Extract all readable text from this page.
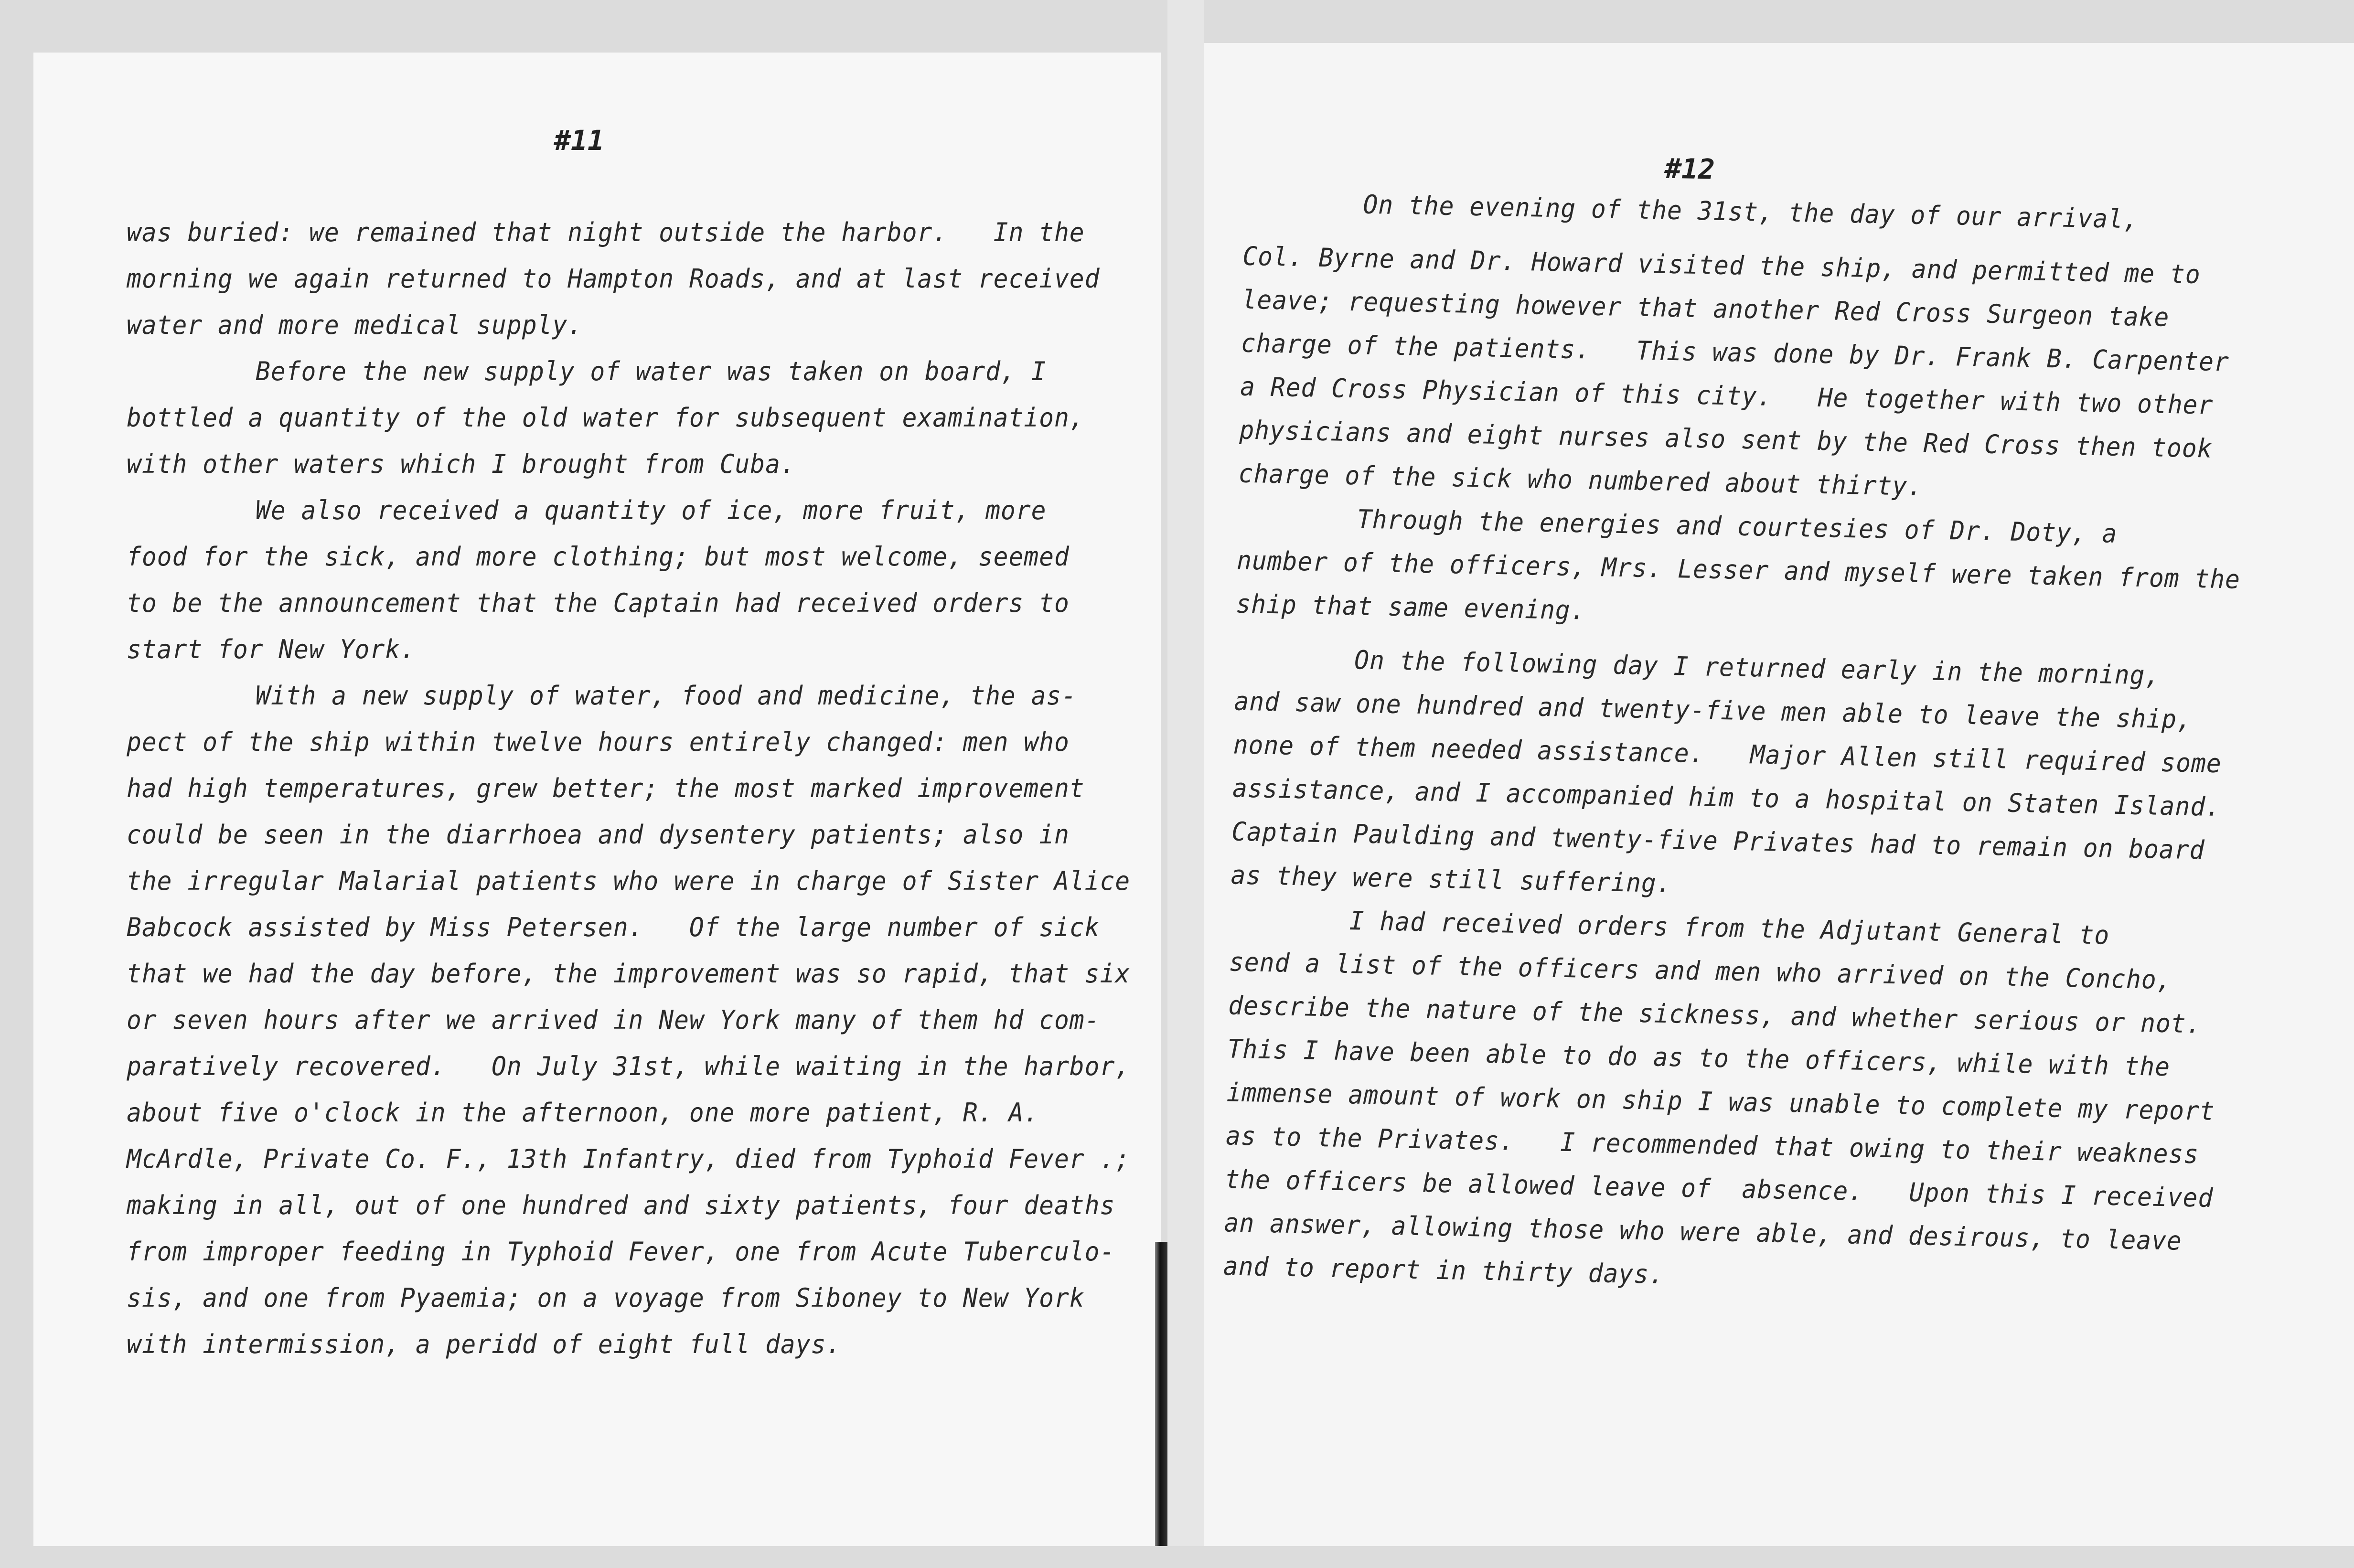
#11
was buried: we remained that night outside the harbor.   In the
morning we again returned to Hampton Roads, and at last received
water and more medical supply.
Before the new supply of water was taken on board, I
bottled a quantity of the old water for subsequent examination,
with other waters which I brought from Cuba.
We also received a quantity of ice, more fruit, more
food for the sick, and more clothing; but most welcome, seemed
to be the announcement that the Captain had received orders to
start for New York.
With a new supply of water, food and medicine, the as-
pect of the ship within twelve hours entirely changed: men who
had high temperatures, grew better; the most marked improvement
could be seen in the diarrhoea and dysentery patients; also in
the irregular Malarial patients who were in charge of Sister Alice
Babcock assisted by Miss Petersen.   Of the large number of sick
that we had the day before, the improvement was so rapid, that six
or seven hours after we arrived in New York many of them hd com-
paratively recovered.   On July 31st, while waiting in the harbor,
about five o'clock in the afternoon, one more patient, R. A.
McArdle, Private Co. F., 13th Infantry, died from Typhoid Fever .;
making in all, out of one hundred and sixty patients, four deaths
from improper feeding in Typhoid Fever, one from Acute Tuberculo-
sis, and one from Pyaemia; on a voyage from Siboney to New York
with intermission, a peridd of eight full days.
#12
On the evening of the 31st, the day of our arrival,
Col. Byrne and Dr. Howard visited the ship, and permitted me to
leave; requesting however that another Red Cross Surgeon take
charge of the patients.   This was done by Dr. Frank B. Carpenter
a Red Cross Physician of this city.   He together with two other
physicians and eight nurses also sent by the Red Cross then took
charge of the sick who numbered about thirty.
Through the energies and courtesies of Dr. Doty, a
number of the officers, Mrs. Lesser and myself were taken from the
ship that same evening.
On the following day I returned early in the morning,
and saw one hundred and twenty-five men able to leave the ship,
none of them needed assistance.   Major Allen still required some
assistance, and I accompanied him to a hospital on Staten Island.
Captain Paulding and twenty-five Privates had to remain on board
as they were still suffering.
I had received orders from the Adjutant General to
send a list of the officers and men who arrived on the Concho,
describe the nature of the sickness, and whether serious or not.
This I have been able to do as to the officers, while with the
immense amount of work on ship I was unable to complete my report
as to the Privates.   I recommended that owing to their weakness
the officers be allowed leave of  absence.   Upon this I received
an answer, allowing those who were able, and desirous, to leave
and to report in thirty days.
